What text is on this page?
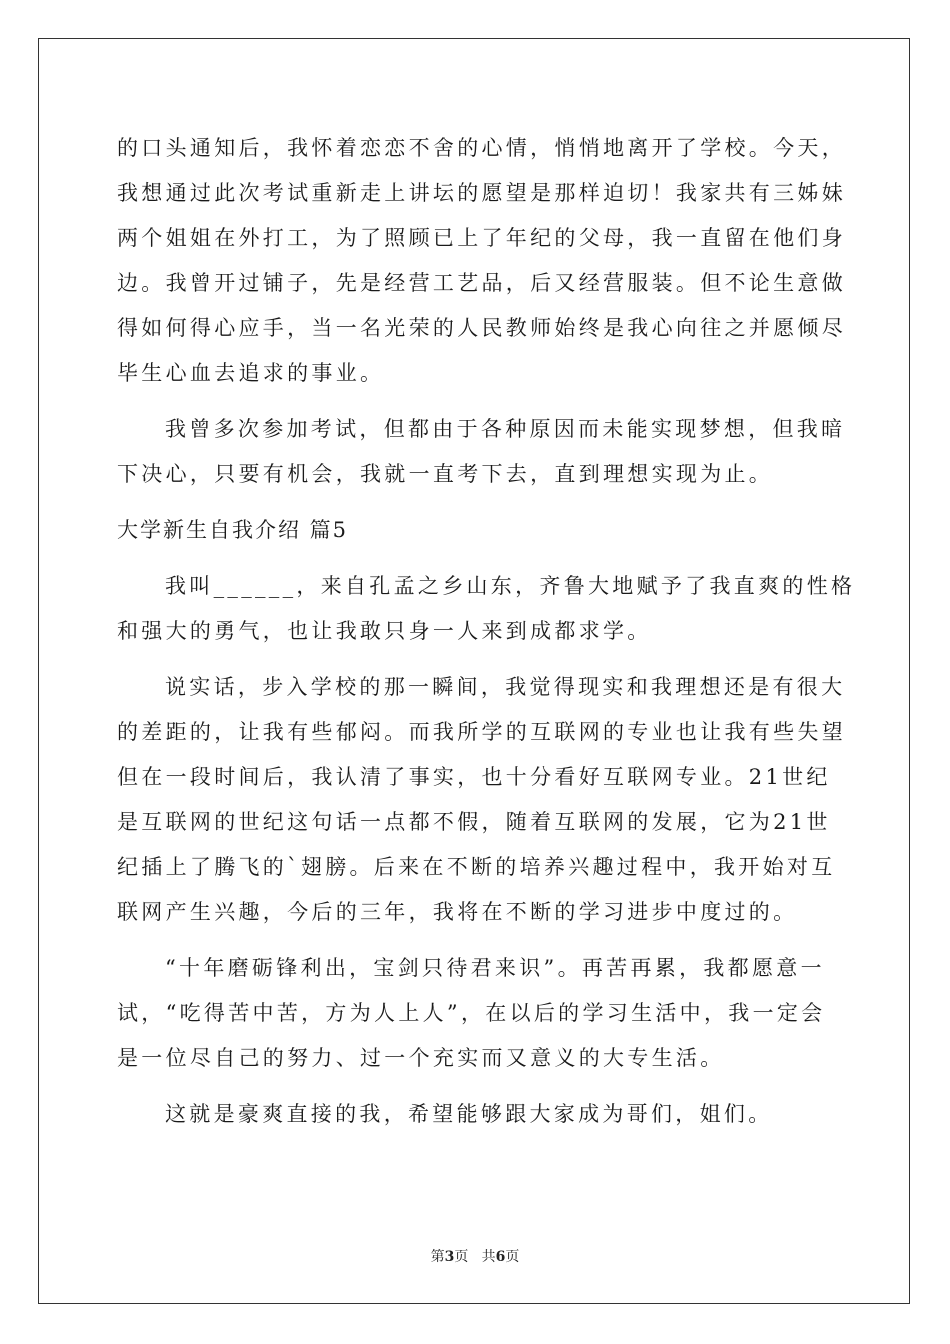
的口头通知后，我怀着恋恋不舍的心情，悄悄地离开了学校。今天，
我想通过此次考试重新走上讲坛的愿望是那样迫切！我家共有三姊妹
两个姐姐在外打工，为了照顾已上了年纪的父母，我一直留在他们身
边。我曾开过铺子，先是经营工艺品，后又经营服装。但不论生意做
得如何得心应手，当一名光荣的人民教师始终是我心向往之并愿倾尽
毕生心血去追求的事业。
我曾多次参加考试，但都由于各种原因而未能实现梦想，但我暗
下决心，只要有机会，我就一直考下去，直到理想实现为止。
大学新生自我介绍 篇5
我叫______，来自孔孟之乡山东，齐鲁大地赋予了我直爽的性格
和强大的勇气，也让我敢只身一人来到成都求学。
说实话，步入学校的那一瞬间，我觉得现实和我理想还是有很大
的差距的，让我有些郁闷。而我所学的互联网的专业也让我有些失望
但在一段时间后，我认清了事实，也十分看好互联网专业。21世纪
是互联网的世纪这句话一点都不假，随着互联网的发展，它为21世
纪插上了腾飞的`翅膀。后来在不断的培养兴趣过程中，我开始对互
联网产生兴趣，今后的三年，我将在不断的学习进步中度过的。
“十年磨砺锋利出，宝剑只待君来识”。再苦再累，我都愿意一
试，“吃得苦中苦，方为人上人”，在以后的学习生活中，我一定会
是一位尽自己的努力、过一个充实而又意义的大专生活。
这就是豪爽直接的我，希望能够跟大家成为哥们，姐们。
第3页   共6页
